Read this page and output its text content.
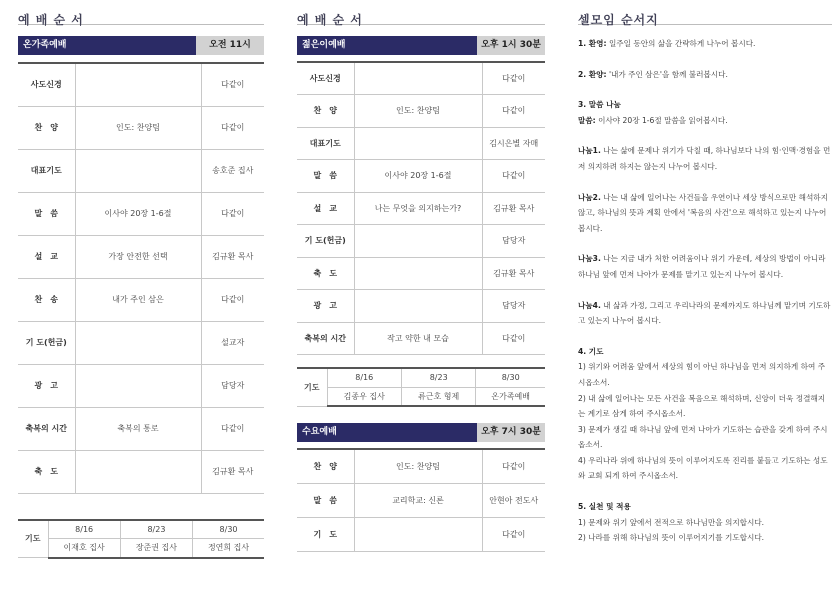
예 배 순 서
온가족예배	오전 11시
사도신경		다같이
찬　양	인도: 찬양팀	다같이
대표기도		송호준 집사
말　씀	이사야 20장 1-6절	다같이
설　교	가장 안전한 선택	김규환 목사
찬　송	내가 주인 삼은	다같이
기 도(헌금)		설교자
광　고		담당자
축복의 시간	축복의 통로	다같이
축　도		김규환 목사
기도	8/16	8/23	8/30
	이재호 집사	장준권 집사	정연희 집사
예 배 순 서
젊은이예배	오후 1시 30분
사도신경		다같이
찬　양	인도: 찬양팀	다같이
대표기도		김시은별 자매
말　씀	이사야 20장 1-6절	다같이
설　교	나는 무엇을 의지하는가?	김규환 목사
기 도(헌금)		담당자
축　도		김규환 목사
광　고		담당자
축복의 시간	작고 약한 내 모습	다같이
기도	8/16	8/23	8/30
	김종우 집사	류근호 형제	온가족예배
수요예배	오후 7시 30분
찬　양	인도: 찬양팀	다같이
말　씀	교리학교: 신론	안현아 전도사
기　도		다같이
셀모임 순서지

1. 환영: 일주일 동안의 삶을 간략하게 나누어 봅시다.

2. 환양: '내가 주인 삼은'을 함께 불러봅시다.

3. 말씀 나눔
말씀: 이사야 20장 1-6절 말씀을 읽어봅시다.

나눔1. 나는 삶에 문제나 위기가 닥칠 때, 하나님보다 나의 힘·인맥·경험을 먼저 의지하려 하지는 않는지 나누어 봅시다.

나눔2. 나는 내 삶에 일어나는 사건들을 우연이나 세상 방식으로만 해석하지 않고, 하나님의 뜻과 계획 안에서 '복음의 사건'으로 해석하고 있는지 나누어 봅시다.

나눔3. 나는 지금 내가 처한 어려움이나 위기 가운데, 세상의 방법이 아니라 하나님 앞에 먼저 나아가 문제를 맡기고 있는지 나누어 봅시다.

나눔4. 내 삶과 가정, 그리고 우리나라의 문제까지도 하나님께 맡기며 기도하고 있는지 나누어 봅시다.

4. 기도
1) 위기와 어려움 앞에서 세상의 힘이 아닌 하나님을 먼저 의지하게 하여 주시옵소서.
2) 내 삶에 일어나는 모든 사건을 복음으로 해석하며, 신앙이 더욱 정결해지는 계기로 삼게 하여 주시옵소서.
3) 문제가 생길 때 하나님 앞에 먼저 나아가 기도하는 습관을 갖게 하여 주시옵소서.
4) 우리나라 위에 하나님의 뜻이 이루어지도록 진리를 붙들고 기도하는 성도와 교회 되게 하여 주시옵소서.

5. 실천 및 적용
1) 문제와 위기 앞에서 전적으로 하나님만을 의지합시다.
2) 나라를 위해 하나님의 뜻이 이루어지기를 기도합시다.
